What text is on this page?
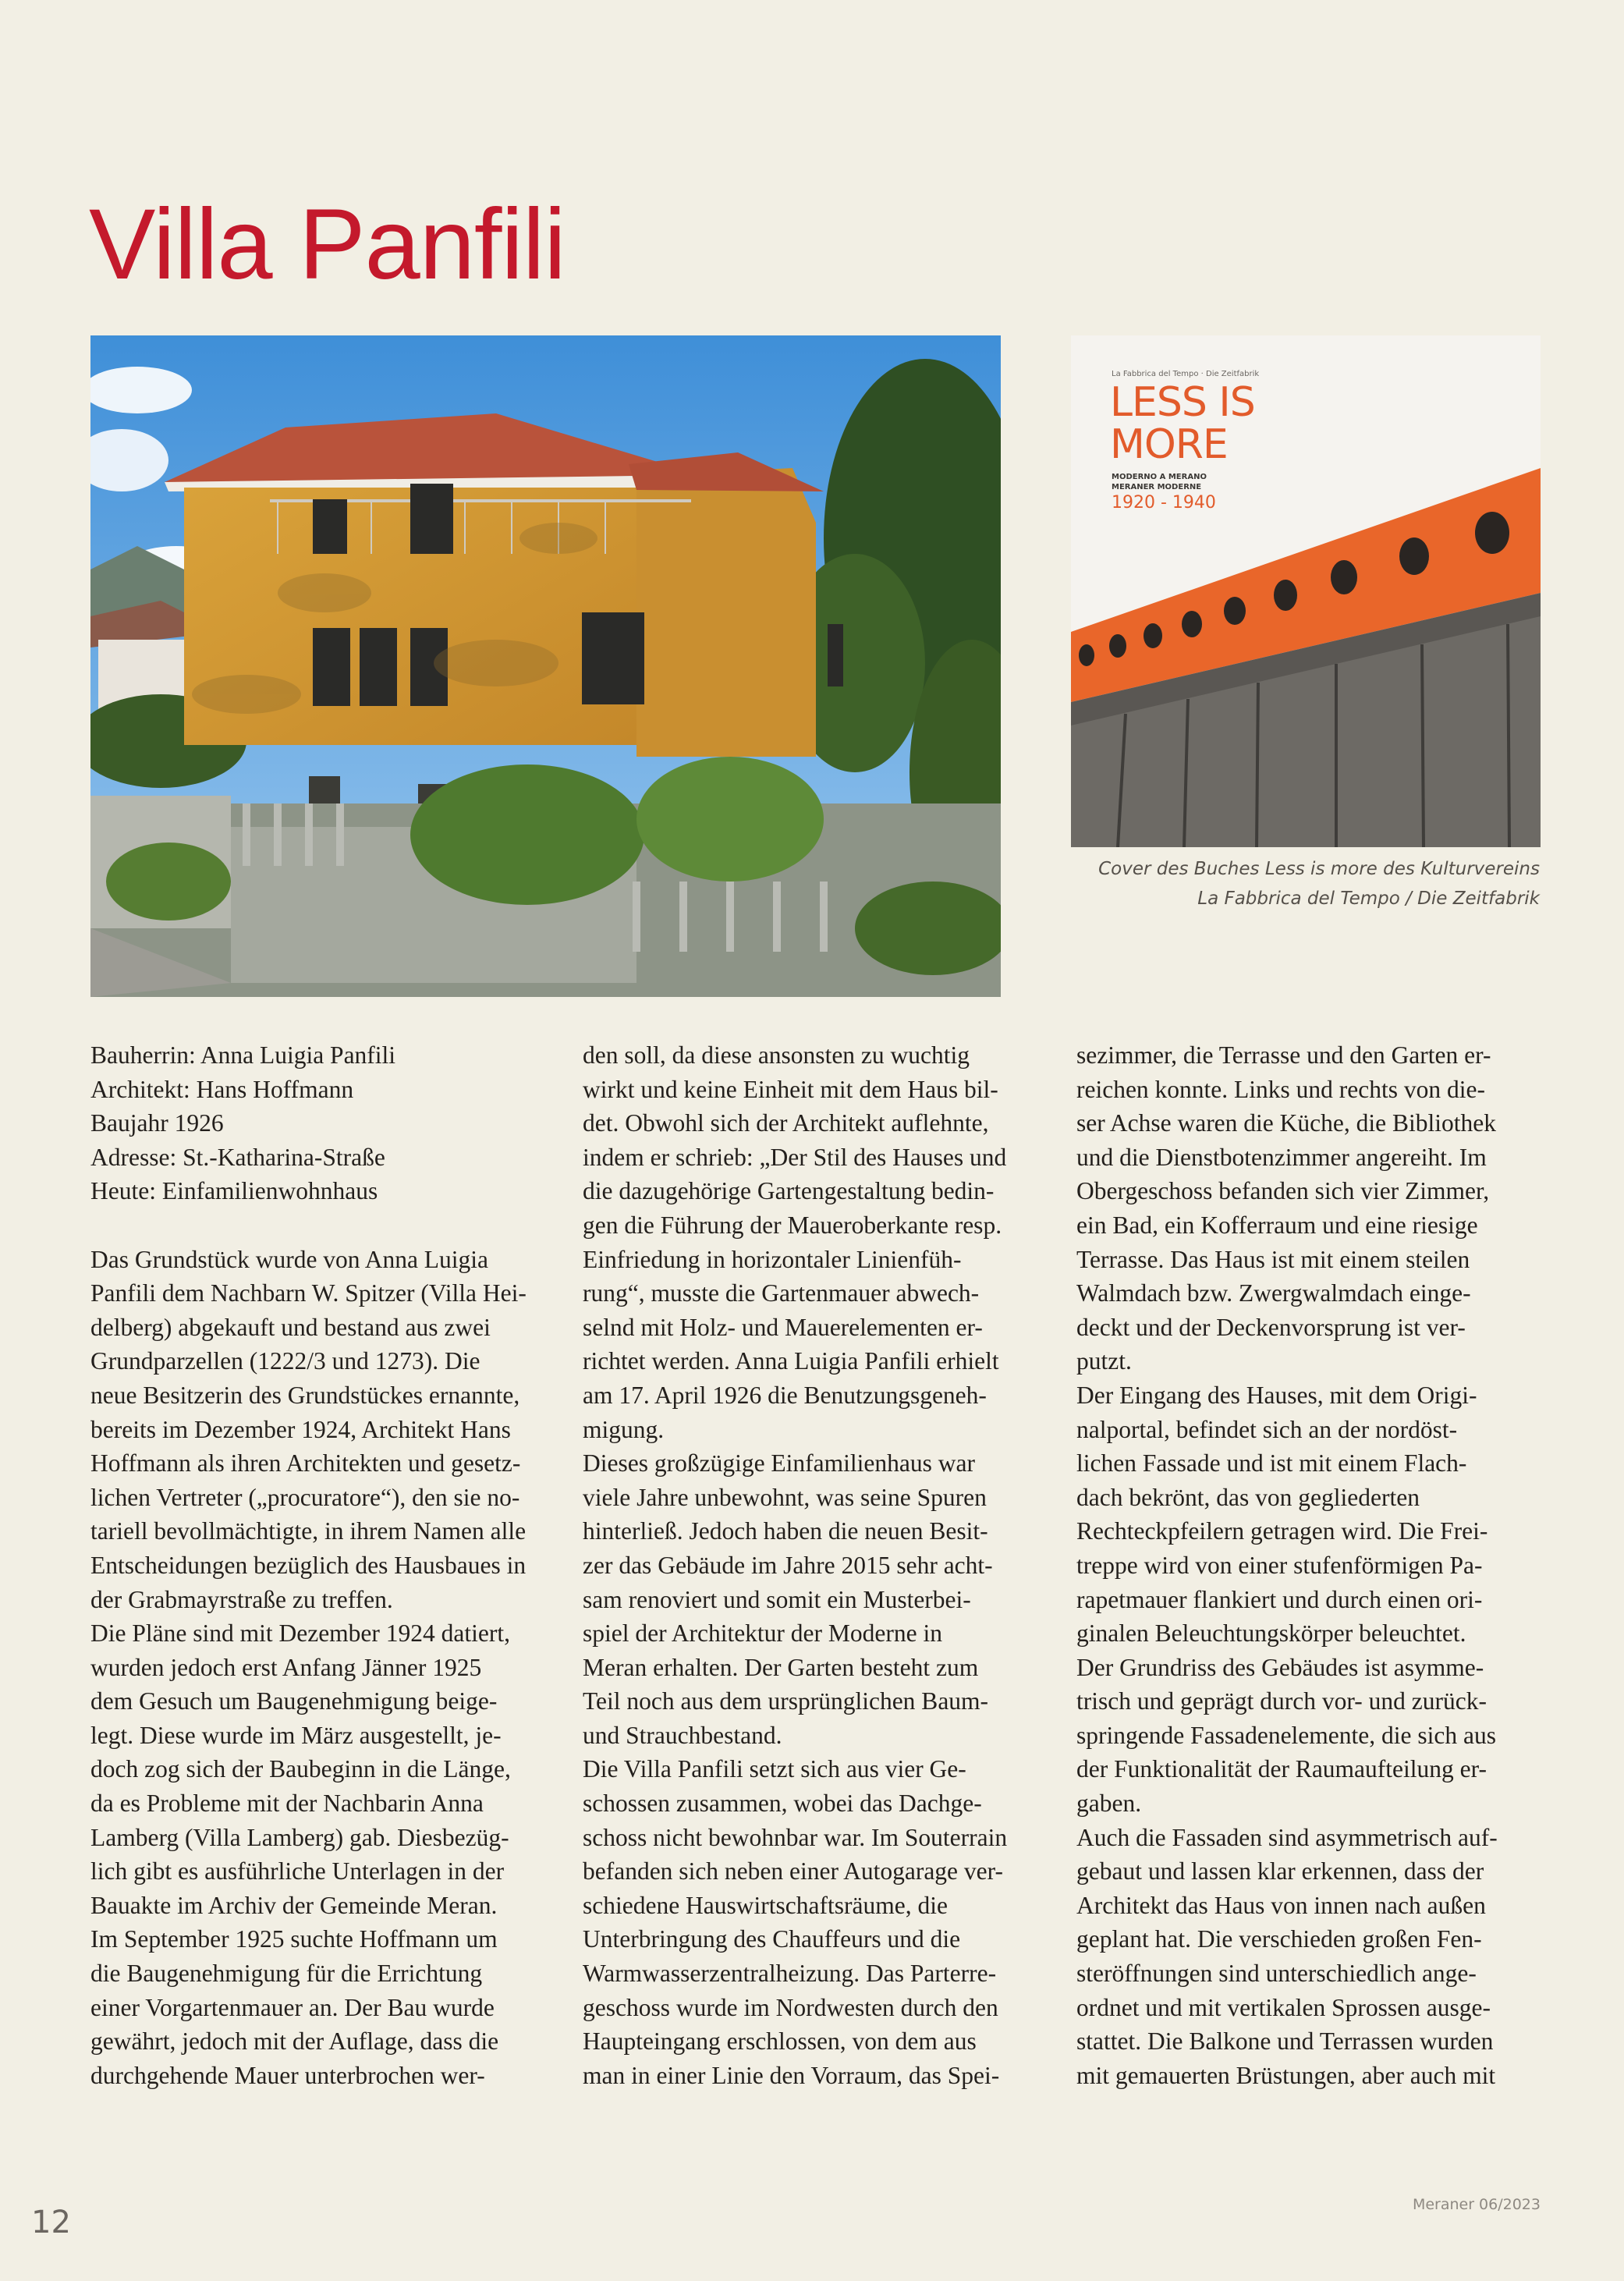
Villa Panfili
La Fabbrica del Tempo · Die Zeitfabrik
LESS IS
MORE
MODERNO A MERANO
MERANER MODERNE
1920 - 1940
Cover des Buches Less is more des Kulturvereins
La Fabbrica del Tempo / Die Zeitfabrik

Bauherrin: Anna Luigia Panfili

Architekt: Hans Hoffmann

Baujahr 1926

Adresse: St.-Katharina-Straße

Heute: Einfamilienwohnhaus

Das Grundstück wurde von Anna Luigia
Panfili dem Nachbarn W. Spitzer (Villa Hei-
delberg) abgekauft und bestand aus zwei
Grundparzellen (1222/3 und 1273). Die
neue Besitzerin des Grundstückes ernannte,
bereits im Dezember 1924, Architekt Hans
Hoffmann als ihren Architekten und gesetz-
lichen Vertreter („procuratore“), den sie no-
tariell bevollmächtigte, in ihrem Namen alle
Entscheidungen bezüglich des Hausbaues in
der Grabmayrstraße zu treffen.

Die Pläne sind mit Dezember 1924 datiert,
wurden jedoch erst Anfang Jänner 1925
dem Gesuch um Baugenehmigung beige-
legt. Diese wurde im März ausgestellt, je-
doch zog sich der Baubeginn in die Länge,
da es Probleme mit der Nachbarin Anna
Lamberg (Villa Lamberg) gab. Diesbezüg-
lich gibt es ausführliche Unterlagen in der
Bauakte im Archiv der Gemeinde Meran.
Im September 1925 suchte Hoffmann um
die Baugenehmigung für die Errichtung
einer Vorgartenmauer an. Der Bau wurde
gewährt, jedoch mit der Auflage, dass die
durchgehende Mauer unterbrochen wer-

den soll, da diese ansonsten zu wuchtig
wirkt und keine Einheit mit dem Haus bil-
det. Obwohl sich der Architekt auflehnte,
indem er schrieb: „Der Stil des Hauses und
die dazugehörige Gartengestaltung bedin-
gen die Führung der Maueroberkante resp.
Einfriedung in horizontaler Linienfüh-
rung“, musste die Gartenmauer abwech-
selnd mit Holz- und Mauerelementen er-
richtet werden. Anna Luigia Panfili erhielt
am 17. April 1926 die Benutzungsgeneh-
migung.

Dieses großzügige Einfamilienhaus war
viele Jahre unbewohnt, was seine Spuren
hinterließ. Jedoch haben die neuen Besit-
zer das Gebäude im Jahre 2015 sehr acht-
sam renoviert und somit ein Musterbei-
spiel der Architektur der Moderne in
Meran erhalten. Der Garten besteht zum
Teil noch aus dem ursprünglichen Baum-
und Strauchbestand.

Die Villa Panfili setzt sich aus vier Ge-
schossen zusammen, wobei das Dachge-
schoss nicht bewohnbar war. Im Souterrain
befanden sich neben einer Autogarage ver-
schiedene Hauswirtschaftsräume, die
Unterbringung des Chauffeurs und die
Warmwasserzentralheizung. Das Parterre-
geschoss wurde im Nordwesten durch den
Haupteingang erschlossen, von dem aus
man in einer Linie den Vorraum, das Spei-

sezimmer, die Terrasse und den Garten er-
reichen konnte. Links und rechts von die-
ser Achse waren die Küche, die Bibliothek
und die Dienstbotenzimmer angereiht. Im
Obergeschoss befanden sich vier Zimmer,
ein Bad, ein Kofferraum und eine riesige
Terrasse. Das Haus ist mit einem steilen
Walmdach bzw. Zwergwalmdach einge-
deckt und der Deckenvorsprung ist ver-
putzt.

Der Eingang des Hauses, mit dem Origi-
nalportal, befindet sich an der nordöst-
lichen Fassade und ist mit einem Flach-
dach bekrönt, das von gegliederten
Rechteckpfeilern getragen wird. Die Frei-
treppe wird von einer stufenförmigen Pa-
rapetmauer flankiert und durch einen ori-
ginalen Beleuchtungskörper beleuchtet.

Der Grundriss des Gebäudes ist asymme-
trisch und geprägt durch vor- und zurück-
springende Fassadenelemente, die sich aus
der Funktionalität der Raumaufteilung er-
gaben.

Auch die Fassaden sind asymmetrisch auf-
gebaut und lassen klar erkennen, dass der
Architekt das Haus von innen nach außen
geplant hat. Die verschieden großen Fen-
steröffnungen sind unterschiedlich ange-
ordnet und mit vertikalen Sprossen ausge-
stattet. Die Balkone und Terrassen wurden
mit gemauerten Brüstungen, aber auch mit

12	Meraner 06/2023
